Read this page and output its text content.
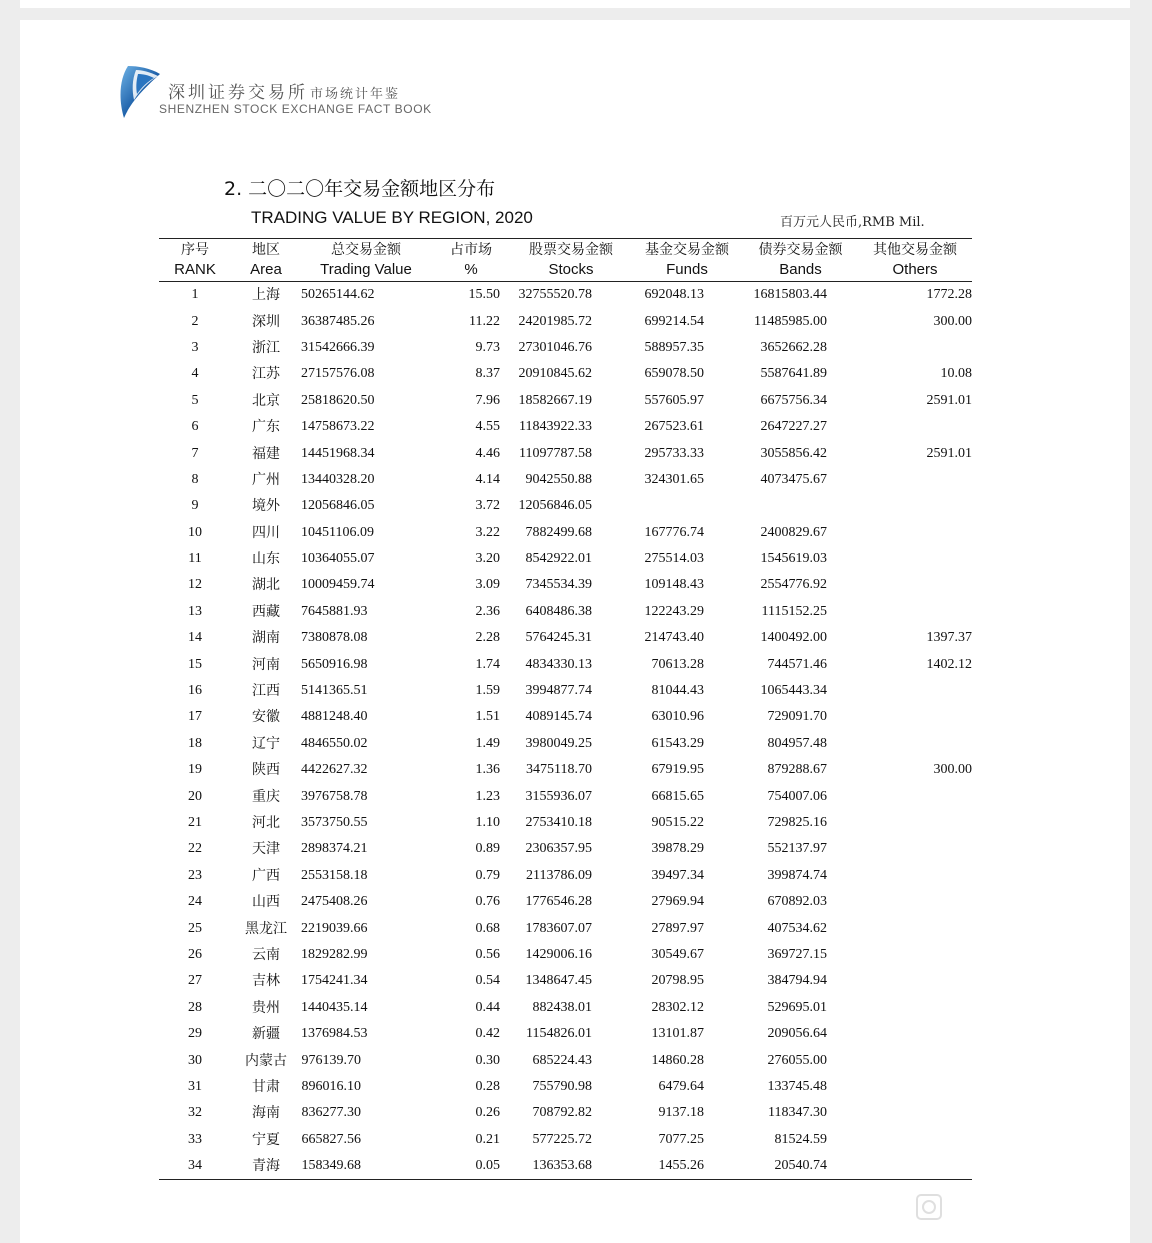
深圳证券交易所 市场统计年鉴
SHENZHEN STOCK EXCHANGE FACT BOOK
2. 二〇二〇年交易金额地区分布
TRADING VALUE BY REGION, 2020	百万元人民币,RMB Mil.
序号	地区	总交易金额	占市场	股票交易金额	基金交易金额	债券交易金额	其他交易金额
RANK	Area	Trading Value	%	Stocks	Funds	Bands	Others
1	上海	50265144.62	15.50	32755520.78	692048.13	16815803.44	1772.28
2	深圳	36387485.26	11.22	24201985.72	699214.54	11485985.00	300.00
3	浙江	31542666.39	9.73	27301046.76	588957.35	3652662.28	
4	江苏	27157576.08	8.37	20910845.62	659078.50	5587641.89	10.08
5	北京	25818620.50	7.96	18582667.19	557605.97	6675756.34	2591.01
6	广东	14758673.22	4.55	11843922.33	267523.61	2647227.27	
7	福建	14451968.34	4.46	11097787.58	295733.33	3055856.42	2591.01
8	广州	13440328.20	4.14	9042550.88	324301.65	4073475.67	
9	境外	12056846.05	3.72	12056846.05			
10	四川	10451106.09	3.22	7882499.68	167776.74	2400829.67	
11	山东	10364055.07	3.20	8542922.01	275514.03	1545619.03	
12	湖北	10009459.74	3.09	7345534.39	109148.43	2554776.92	
13	西藏	7645881.93	2.36	6408486.38	122243.29	1115152.25	
14	湖南	7380878.08	2.28	5764245.31	214743.40	1400492.00	1397.37
15	河南	5650916.98	1.74	4834330.13	70613.28	744571.46	1402.12
16	江西	5141365.51	1.59	3994877.74	81044.43	1065443.34	
17	安徽	4881248.40	1.51	4089145.74	63010.96	729091.70	
18	辽宁	4846550.02	1.49	3980049.25	61543.29	804957.48	
19	陕西	4422627.32	1.36	3475118.70	67919.95	879288.67	300.00
20	重庆	3976758.78	1.23	3155936.07	66815.65	754007.06	
21	河北	3573750.55	1.10	2753410.18	90515.22	729825.16	
22	天津	2898374.21	0.89	2306357.95	39878.29	552137.97	
23	广西	2553158.18	0.79	2113786.09	39497.34	399874.74	
24	山西	2475408.26	0.76	1776546.28	27969.94	670892.03	
25	黑龙江	2219039.66	0.68	1783607.07	27897.97	407534.62	
26	云南	1829282.99	0.56	1429006.16	30549.67	369727.15	
27	吉林	1754241.34	0.54	1348647.45	20798.95	384794.94	
28	贵州	1440435.14	0.44	882438.01	28302.12	529695.01	
29	新疆	1376984.53	0.42	1154826.01	13101.87	209056.64	
30	内蒙古	976139.70	0.30	685224.43	14860.28	276055.00	
31	甘肃	896016.10	0.28	755790.98	6479.64	133745.48	
32	海南	836277.30	0.26	708792.82	9137.18	118347.30	
33	宁夏	665827.56	0.21	577225.72	7077.25	81524.59	
34	青海	158349.68	0.05	136353.68	1455.26	20540.74	
